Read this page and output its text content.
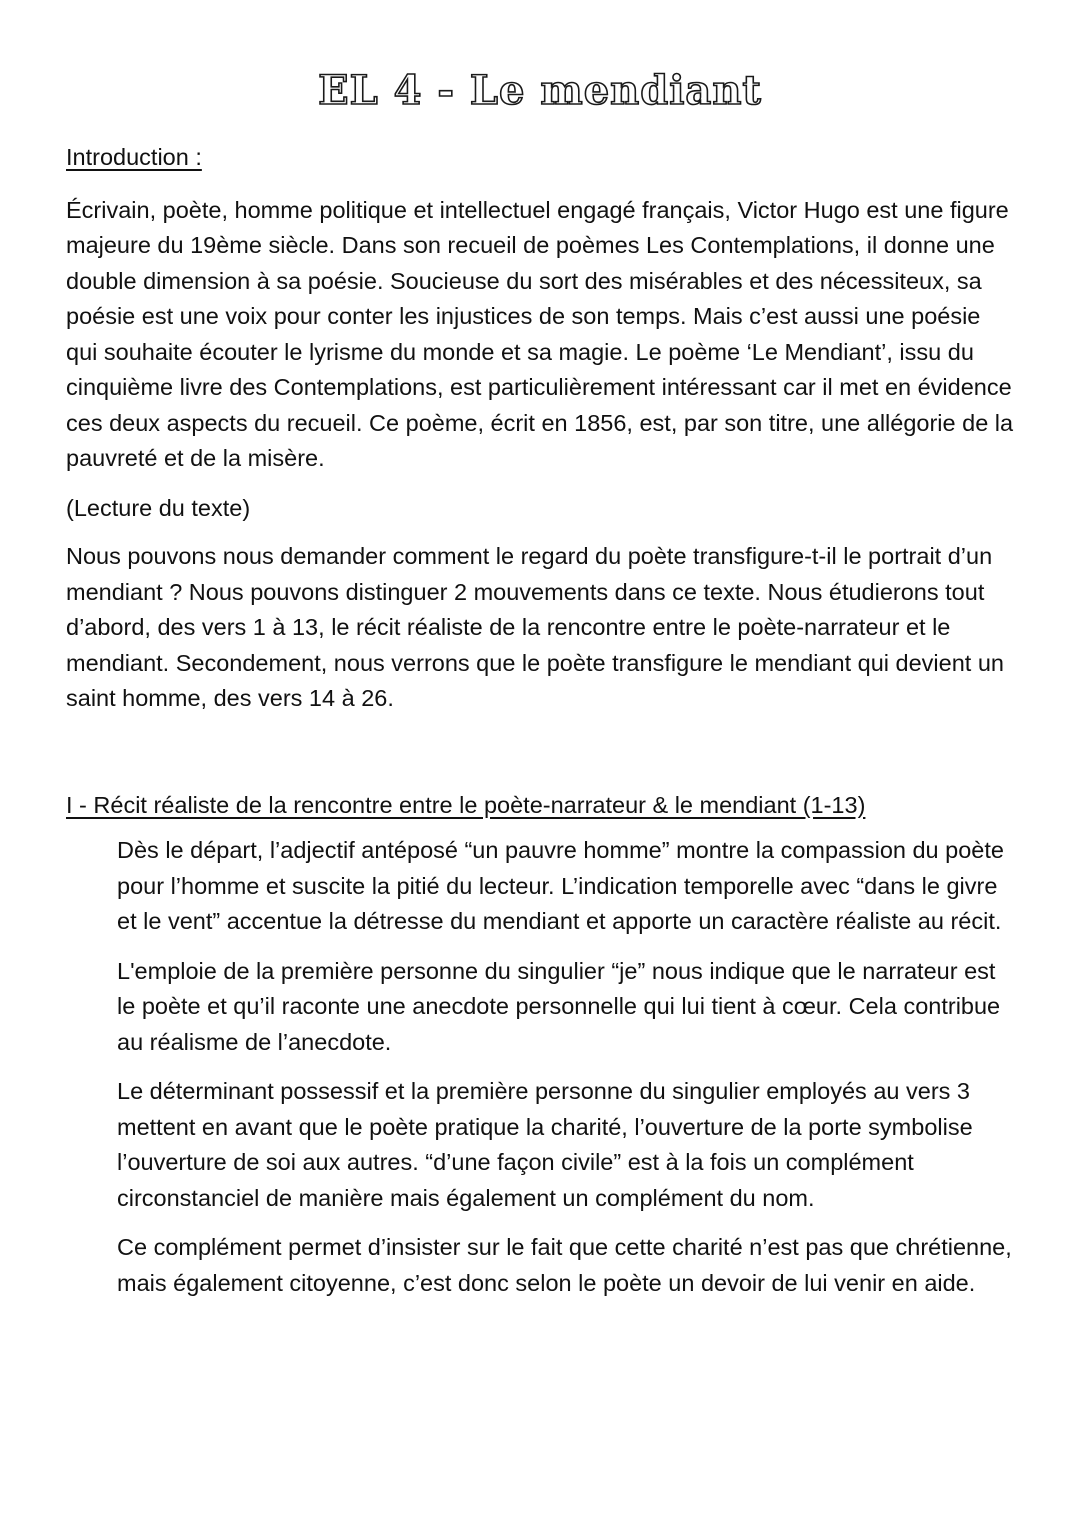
EL 4 - Le mendiant
Introduction :

Écrivain, poète, homme politique et intellectuel engagé français, Victor Hugo est une figure majeure du 19ème siècle. Dans son recueil de poèmes Les Contemplations, il donne une double dimension à sa poésie. Soucieuse du sort des misérables et des nécessiteux, sa poésie est une voix pour conter les injustices de son temps. Mais c’est aussi une poésie qui souhaite écouter le lyrisme du monde et sa magie. Le poème ‘Le Mendiant’, issu du cinquième livre des Contemplations, est particulièrement intéressant car il met en évidence ces deux aspects du recueil. Ce poème, écrit en 1856, est, par son titre, une allégorie de la pauvreté et de la misère.

(Lecture du texte)

Nous pouvons nous demander comment le regard du poète transfigure-t-il le portrait d’un mendiant ? Nous pouvons distinguer 2 mouvements dans ce texte. Nous étudierons tout d’abord, des vers 1 à 13, le récit réaliste de la rencontre entre le poète-narrateur et le mendiant. Secondement, nous verrons que le poète transfigure le mendiant qui devient un saint homme, des vers 14 à 26.

I - Récit réaliste de la rencontre entre le poète-narrateur & le mendiant (1-13)

Dès le départ, l’adjectif antéposé “un pauvre homme” montre la compassion du poète pour l’homme et suscite la pitié du lecteur. L’indication temporelle avec “dans le givre et le vent” accentue la détresse du mendiant et apporte un caractère réaliste au récit.

L'emploie de la première personne du singulier “je” nous indique que le narrateur est le poète et qu’il raconte une anecdote personnelle qui lui tient à cœur. Cela contribue au réalisme de l’anecdote.

Le déterminant possessif et la première personne du singulier employés au vers 3 mettent en avant que le poète pratique la charité, l’ouverture de la porte symbolise l’ouverture de soi aux autres. “d’une façon civile” est à la fois un complément circonstanciel de manière mais également un complément du nom.

Ce complément permet d’insister sur le fait que cette charité n’est pas que chrétienne, mais également citoyenne, c’est donc selon le poète un devoir de lui venir en aide.
